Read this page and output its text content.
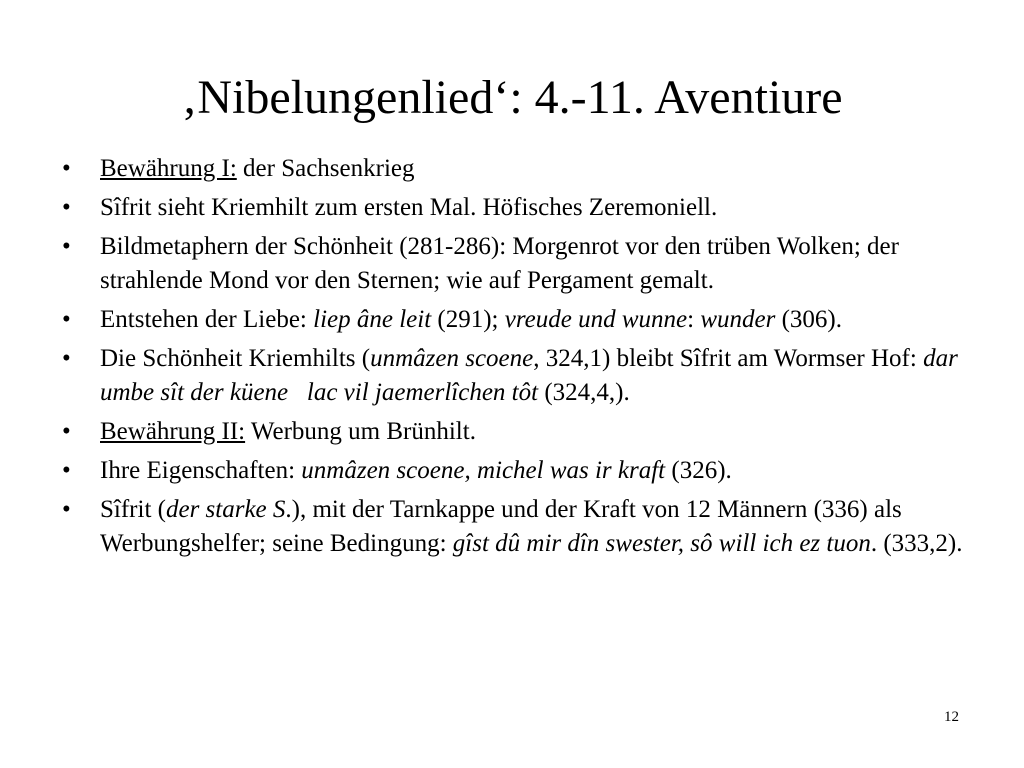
‚Nibelungenlied‘: 4.-11. Aventiure
•	Bewährung I: der Sachsenkrieg
•	Sîfrit sieht Kriemhilt zum ersten Mal. Höfisches Zeremoniell.
•	Bildmetaphern der Schönheit (281-286): Morgenrot vor den trüben Wolken; der strahlende Mond vor den Sternen; wie auf Pergament gemalt.
•	Entstehen der Liebe: liep âne leit (291); vreude und wunne: wunder (306).
•	Die Schönheit Kriemhilts (unmâzen scoene, 324,1) bleibt Sîfrit am Wormser Hof: dar umbe sît der küene   lac vil jaemerlîchen tôt (324,4,).
•	Bewährung II: Werbung um Brünhilt.
•	Ihre Eigenschaften: unmâzen scoene, michel was ir kraft (326).
•	Sîfrit (der starke S.), mit der Tarnkappe und der Kraft von 12 Männern (336) als Werbungshelfer; seine Bedingung: gîst dû mir dîn swester, sô will ich ez tuon. (333,2).
12
